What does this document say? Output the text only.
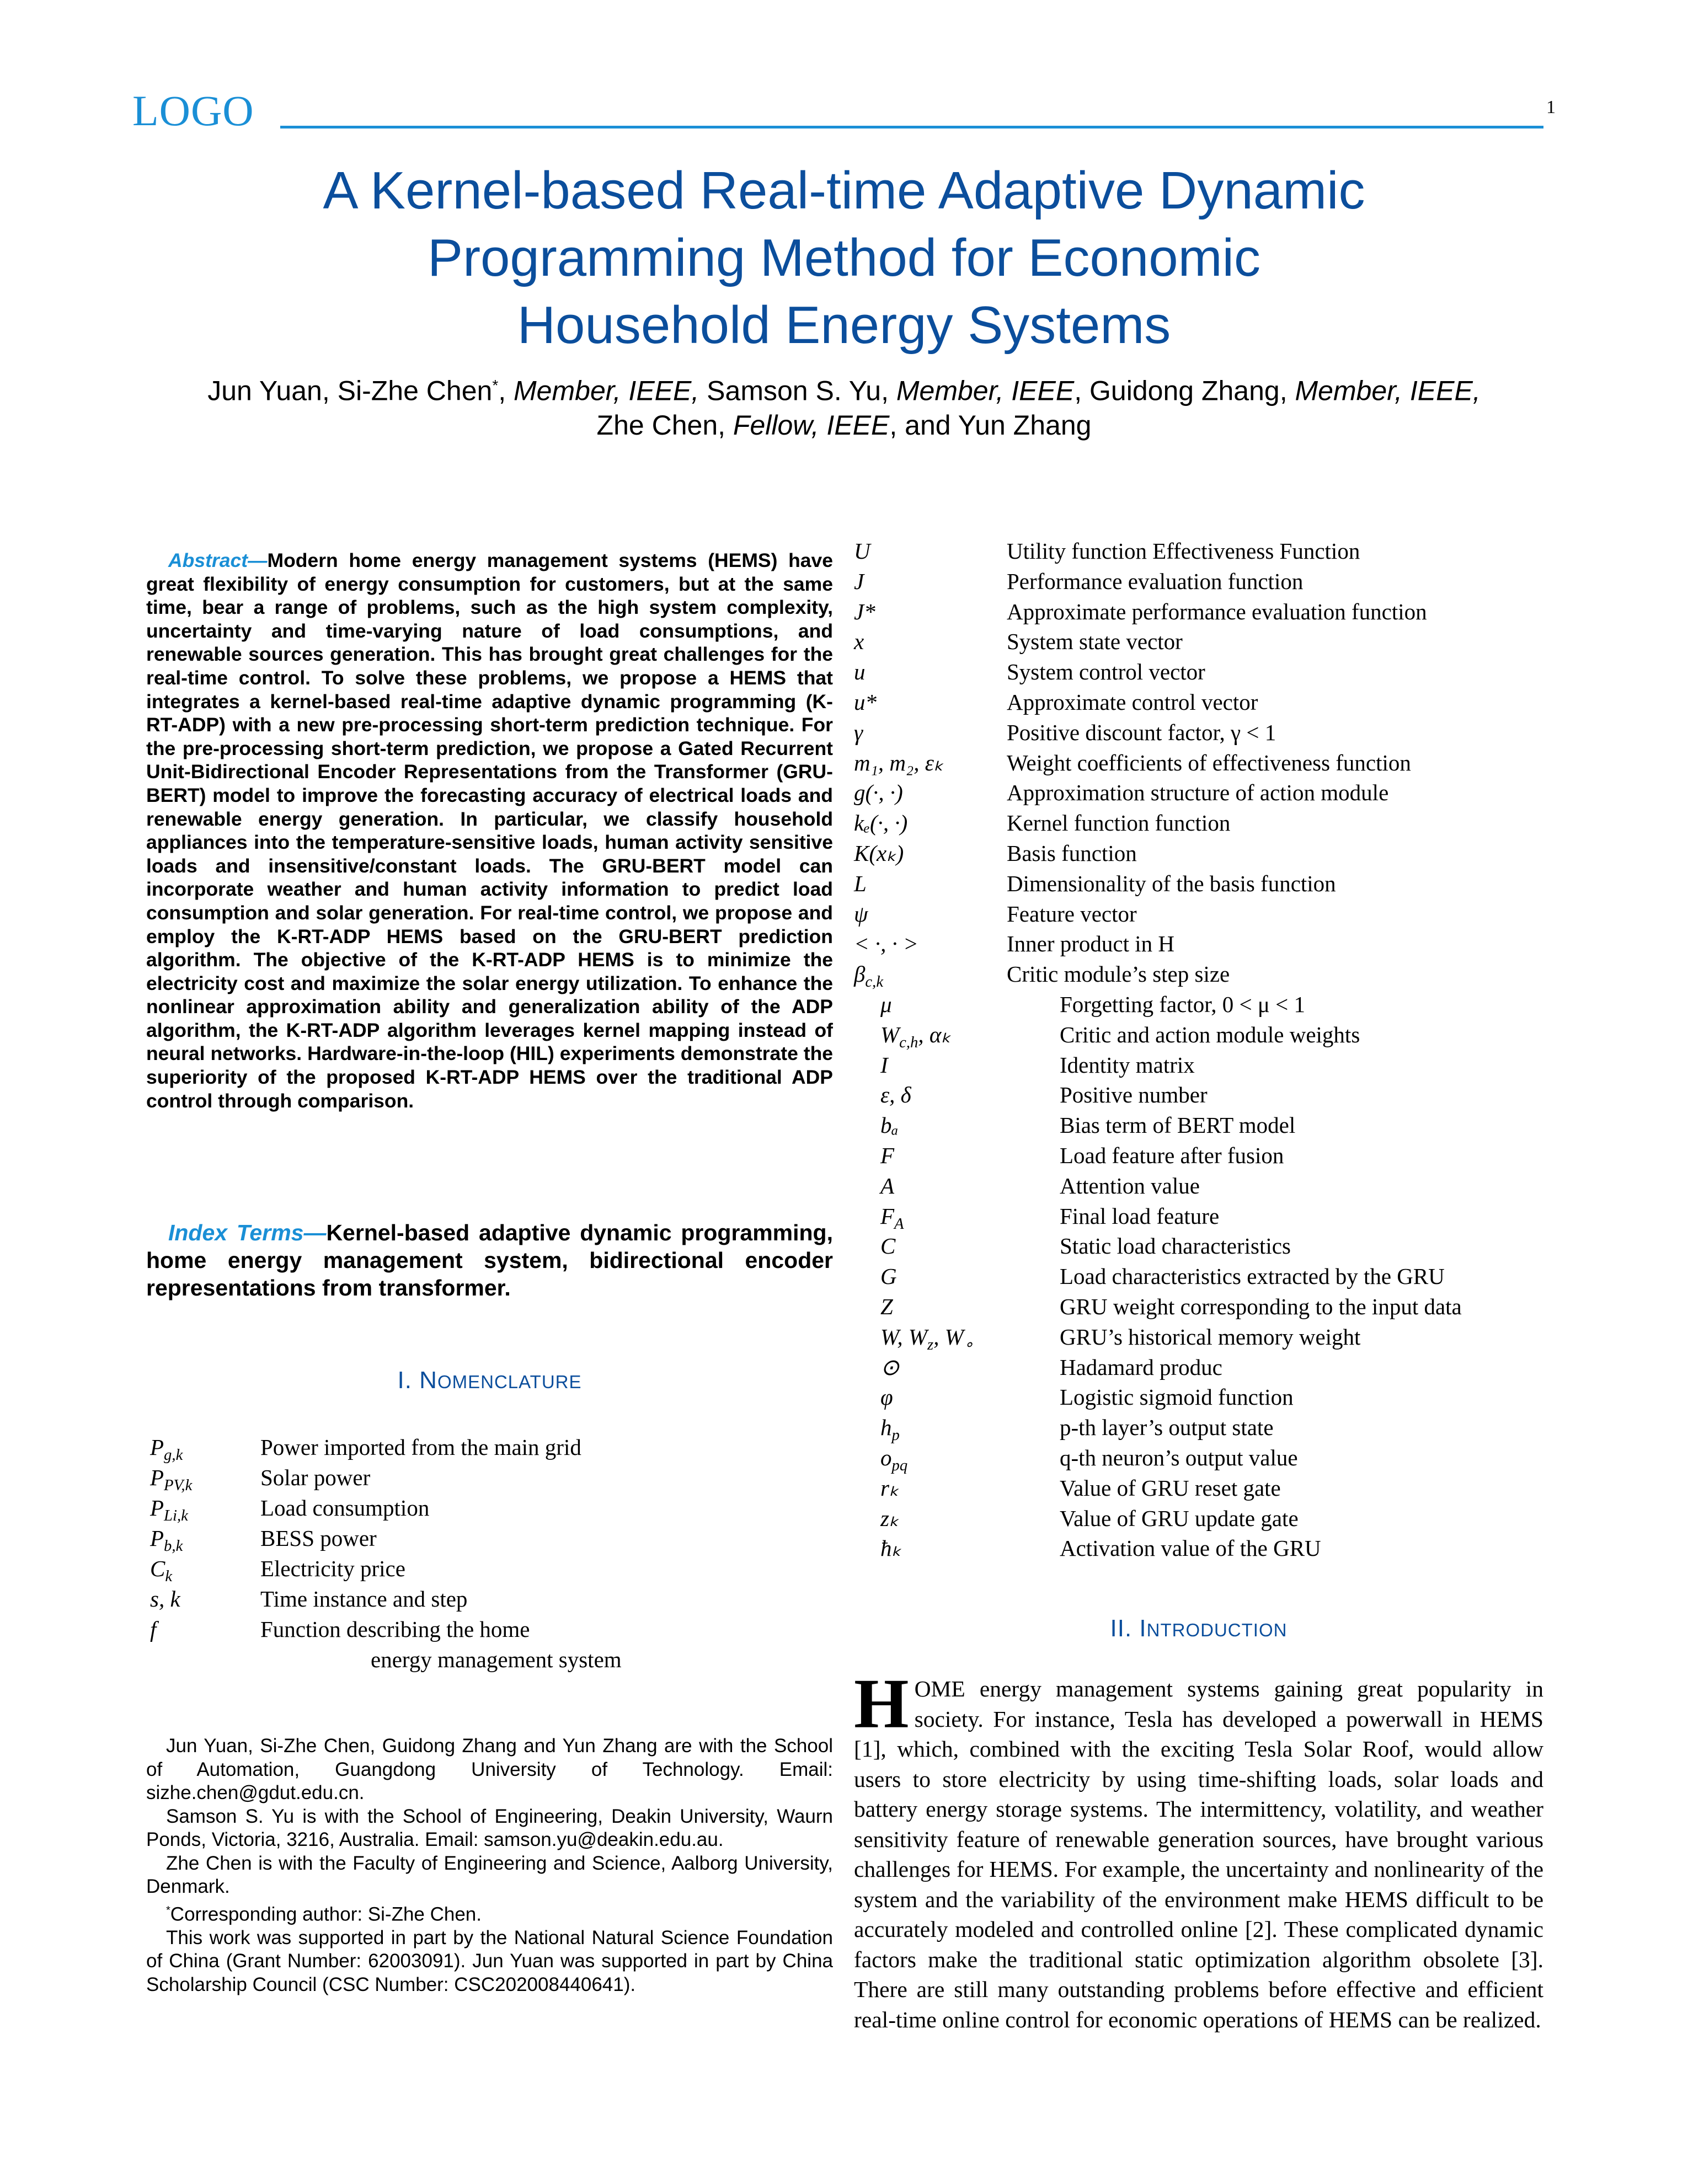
LOGO	1
A Kernel-based Real-time Adaptive Dynamic
Programming Method for Economic
Household Energy Systems
Jun Yuan, Si-Zhe Chen*, Member, IEEE, Samson S. Yu, Member, IEEE, Guidong Zhang, Member, IEEE,
Zhe Chen, Fellow, IEEE, and Yun Zhang

Abstract—Modern home energy management systems (HEMS) have great flexibility of energy consumption for customers, but at the same time, bear a range of problems, such as the high system complexity, uncertainty and time-varying nature of load consumptions, and renewable sources generation. This has brought great challenges for the real-time control. To solve these problems, we propose a HEMS that integrates a kernel-based real-time adaptive dynamic programming (K-RT-ADP) with a new pre-processing short-term prediction technique. For the pre-processing short-term prediction, we propose a Gated Recurrent Unit-Bidirectional Encoder Representations from the Transformer (GRU-BERT) model to improve the forecasting accuracy of electrical loads and renewable energy generation. In particular, we classify household appliances into the temperature-sensitive loads, human activity sensitive loads and insensitive/constant loads. The GRU-BERT model can incorporate weather and human activity information to predict load consumption and solar generation. For real-time control, we propose and employ the K-RT-ADP HEMS based on the GRU-BERT prediction algorithm. The objective of the K-RT-ADP HEMS is to minimize the electricity cost and maximize the solar energy utilization. To enhance the nonlinear approximation ability and generalization ability of the ADP algorithm, the K-RT-ADP algorithm leverages kernel mapping instead of neural networks. Hardware-in-the-loop (HIL) experiments demonstrate the superiority of the proposed K-RT-ADP HEMS over the traditional ADP control through comparison.

Index Terms—Kernel-based adaptive dynamic programming, home energy management system, bidirectional encoder representations from transformer.

I. NOMENCLATURE
$P_{g,k}$	Power imported from the main grid
$P_{PV,k}$	Solar power
$P_{Li,k}$	Load consumption
$P_{b,k}$	BESS power
$C_k$	Electricity price
s, k	Time instance and step
f	Function describing the home
energy management system

Jun Yuan, Si-Zhe Chen, Guidong Zhang and Yun Zhang are with the School of Automation, Guangdong University of Technology. Email: sizhe.chen@gdut.edu.cn.

Samson S. Yu is with the School of Engineering, Deakin University, Waurn Ponds, Victoria, 3216, Australia. Email: samson.yu@deakin.edu.au.

Zhe Chen is with the Faculty of Engineering and Science, Aalborg University, Denmark.

*Corresponding author: Si-Zhe Chen.

This work was supported in part by the National Natural Science Foundation of China (Grant Number: 62003091). Jun Yuan was supported in part by China Scholarship Council (CSC Number: CSC202008440641).

U	Utility function Effectiveness Function
J	Performance evaluation function
J*	Approximate performance evaluation function
x	System state vector
u	System control vector
u*	Approximate control vector
γ	Positive discount factor, γ < 1
m₁, m₂, εₖ	Weight coefficients of effectiveness function
g(·, ·)	Approximation structure of action module
kₑ(·, ·)	Kernel function function
K(xₖ)	Basis function
L	Dimensionality of the basis function
ψ	Feature vector
< ·, · >	Inner product in H
$\beta_{c,k}$	Critic module’s step size
μ	Forgetting factor, 0 < μ < 1
$W_{c,h}$, αₖ	Critic and action module weights
I	Identity matrix
ε, δ	Positive number
bₐ	Bias term of BERT model
F	Load feature after fusion
A	Attention value
$F_A$	Final load feature
C	Static load characteristics
G	Load characteristics extracted by the GRU
Z	GRU weight corresponding to the input data
W, $W_z$, $W_\circ$	GRU’s historical memory weight
⊙	Hadamard produc
φ	Logistic sigmoid function
$h_p$	p-th layer’s output state
$o_{pq}$	q-th neuron’s output value
rₖ	Value of GRU reset gate
zₖ	Value of GRU update gate
ħₖ	Activation value of the GRU
II. INTRODUCTION

HOME energy management systems gaining great popularity in society. For instance, Tesla has developed a powerwall in HEMS [1], which, combined with the exciting Tesla Solar Roof, would allow users to store electricity by using time-shifting loads, solar loads and battery energy storage systems. The intermittency, volatility, and weather sensitivity feature of renewable generation sources, have brought various challenges for HEMS. For example, the uncertainty and nonlinearity of the system and the variability of the environment make HEMS difficult to be accurately modeled and controlled online [2]. These complicated dynamic factors make the traditional static optimization algorithm obsolete [3]. There are still many outstanding problems before effective and efficient real-time online control for economic operations of HEMS can be realized.
